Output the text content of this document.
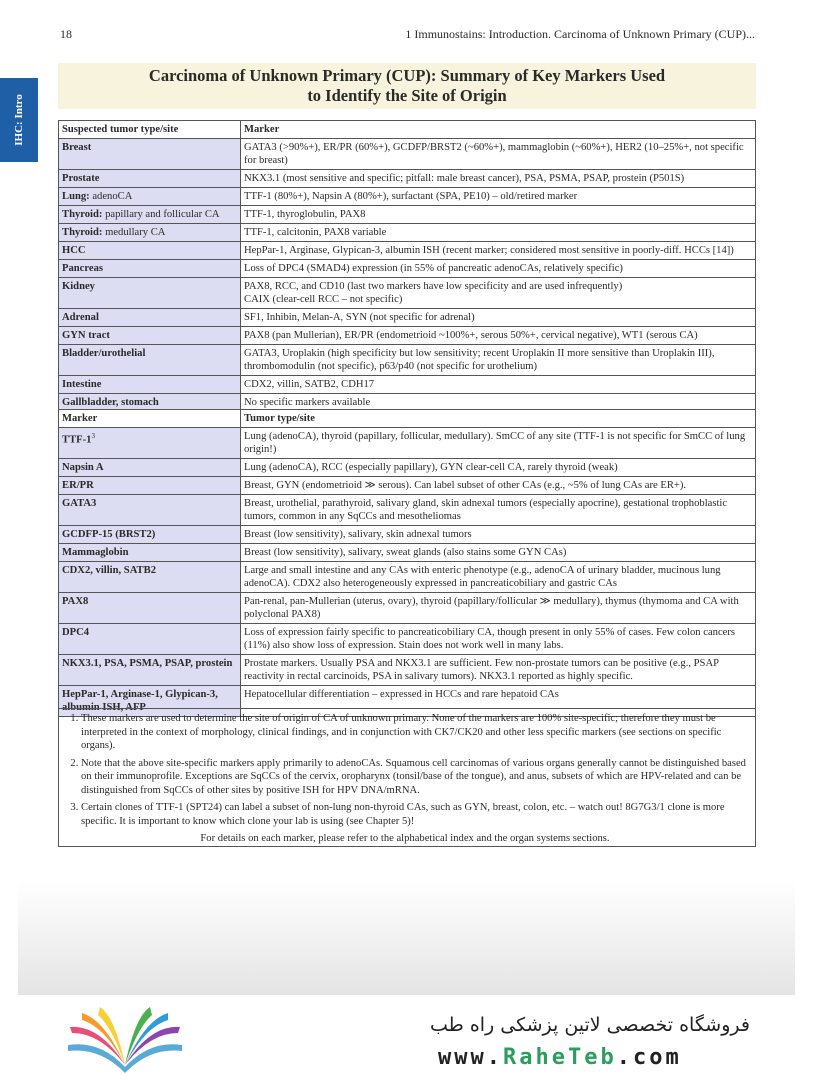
18	1 Immunostains: Introduction. Carcinoma of Unknown Primary (CUP)...
IHC: Intro
Carcinoma of Unknown Primary (CUP): Summary of Key Markers Used
to Identify the Site of Origin
Suspected tumor type/site	Marker
Breast	GATA3 (>90%+), ER/PR (60%+), GCDFP/BRST2 (~60%+), mammaglobin (~60%+), HER2 (10–25%+, not specific for breast)

Prostate	NKX3.1 (most sensitive and specific; pitfall: male breast cancer), PSA, PSMA, PSAP, prostein (P501S)

Lung: adenoCA	TTF-1 (80%+), Napsin A (80%+), surfactant (SPA, PE10) – old/retired marker

Thyroid: papillary and follicular CA	TTF-1, thyroglobulin, PAX8

Thyroid: medullary CA	TTF-1, calcitonin, PAX8 variable

HCC	HepPar-1, Arginase, Glypican-3, albumin ISH (recent marker; considered most sensitive in poorly-diff. HCCs [14])

Pancreas	Loss of DPC4 (SMAD4) expression (in 55% of pancreatic adenoCAs, relatively specific)

Kidney	PAX8, RCC, and CD10 (last two markers have low specificity and are used infrequently)
CAIX (clear-cell RCC – not specific)

Adrenal	SF1, Inhibin, Melan-A, SYN (not specific for adrenal)

GYN tract	PAX8 (pan Mullerian), ER/PR (endometrioid ~100%+, serous 50%+, cervical negative), WT1 (serous CA)

Bladder/urothelial	GATA3, Uroplakin (high specificity but low sensitivity; recent Uroplakin II more sensitive than Uroplakin III), thrombomodulin (not specific), p63/p40 (not specific for urothelium)

Intestine	CDX2, villin, SATB2, CDH17

Gallbladder, stomach	No specific markers available
Marker	Tumor type/site
TTF-$1^3$	Lung (adenoCA), thyroid (papillary, follicular, medullary). SmCC of any site (TTF-1 is not specific for SmCC of lung origin!)
Napsin A	Lung (adenoCA), RCC (especially papillary), GYN clear-cell CA, rarely thyroid (weak)
ER/PR	Breast, GYN (endometrioid ≫ serous). Can label subset of other CAs (e.g., ~5% of lung CAs are ER+).
GATA3	Breast, urothelial, parathyroid, salivary gland, skin adnexal tumors (especially apocrine), gestational trophoblastic tumors, common in any SqCCs and mesotheliomas
GCDFP-15 (BRST2)	Breast (low sensitivity), salivary, skin adnexal tumors
Mammaglobin	Breast (low sensitivity), salivary, sweat glands (also stains some GYN CAs)
CDX2, villin, SATB2	Large and small intestine and any CAs with enteric phenotype (e.g., adenoCA of urinary bladder, mucinous lung adenoCA). CDX2 also heterogeneously expressed in pancreaticobiliary and gastric CAs
PAX8	Pan-renal, pan-Mullerian (uterus, ovary), thyroid (papillary/follicular ≫ medullary), thymus (thymoma and CA with polyclonal PAX8)
DPC4	Loss of expression fairly specific to pancreaticobiliary CA, though present in only 55% of cases. Few colon cancers (11%) also show loss of expression. Stain does not work well in many labs.
NKX3.1, PSA, PSMA, PSAP, prostein	Prostate markers. Usually PSA and NKX3.1 are sufficient. Few non-prostate tumors can be positive (e.g., PSAP reactivity in rectal carcinoids, PSA in salivary tumors). NKX3.1 reported as highly specific.
HepPar-1, Arginase-1, Glypican-3, albumin ISH, AFP	Hepatocellular differentiation – expressed in HCCs and rare hepatoid CAs
1. These markers are used to determine the site of origin of CA of unknown primary. None of the markers are 100% site-specific; therefore they must be interpreted in the context of morphology, clinical findings, and in conjunction with CK7/CK20 and other less specific markers (see sections on specific organs).
2. Note that the above site-specific markers apply primarily to adenoCAs. Squamous cell carcinomas of various organs generally cannot be distinguished based on their immunoprofile. Exceptions are SqCCs of the cervix, oropharynx (tonsil/base of the tongue), and anus, subsets of which are HPV-related and can be distinguished from SqCCs of other sites by positive ISH for HPV DNA/mRNA.
3. Certain clones of TTF-1 (SPT24) can label a subset of non-lung non-thyroid CAs, such as GYN, breast, colon, etc. – watch out! 8G7G3/1 clone is more specific. It is important to know which clone your lab is using (see Chapter 5)!
For details on each marker, please refer to the alphabetical index and the organ systems sections.
فروشگاه تخصصی لاتین پزشکی راه طب
www.RaheTeb.com
